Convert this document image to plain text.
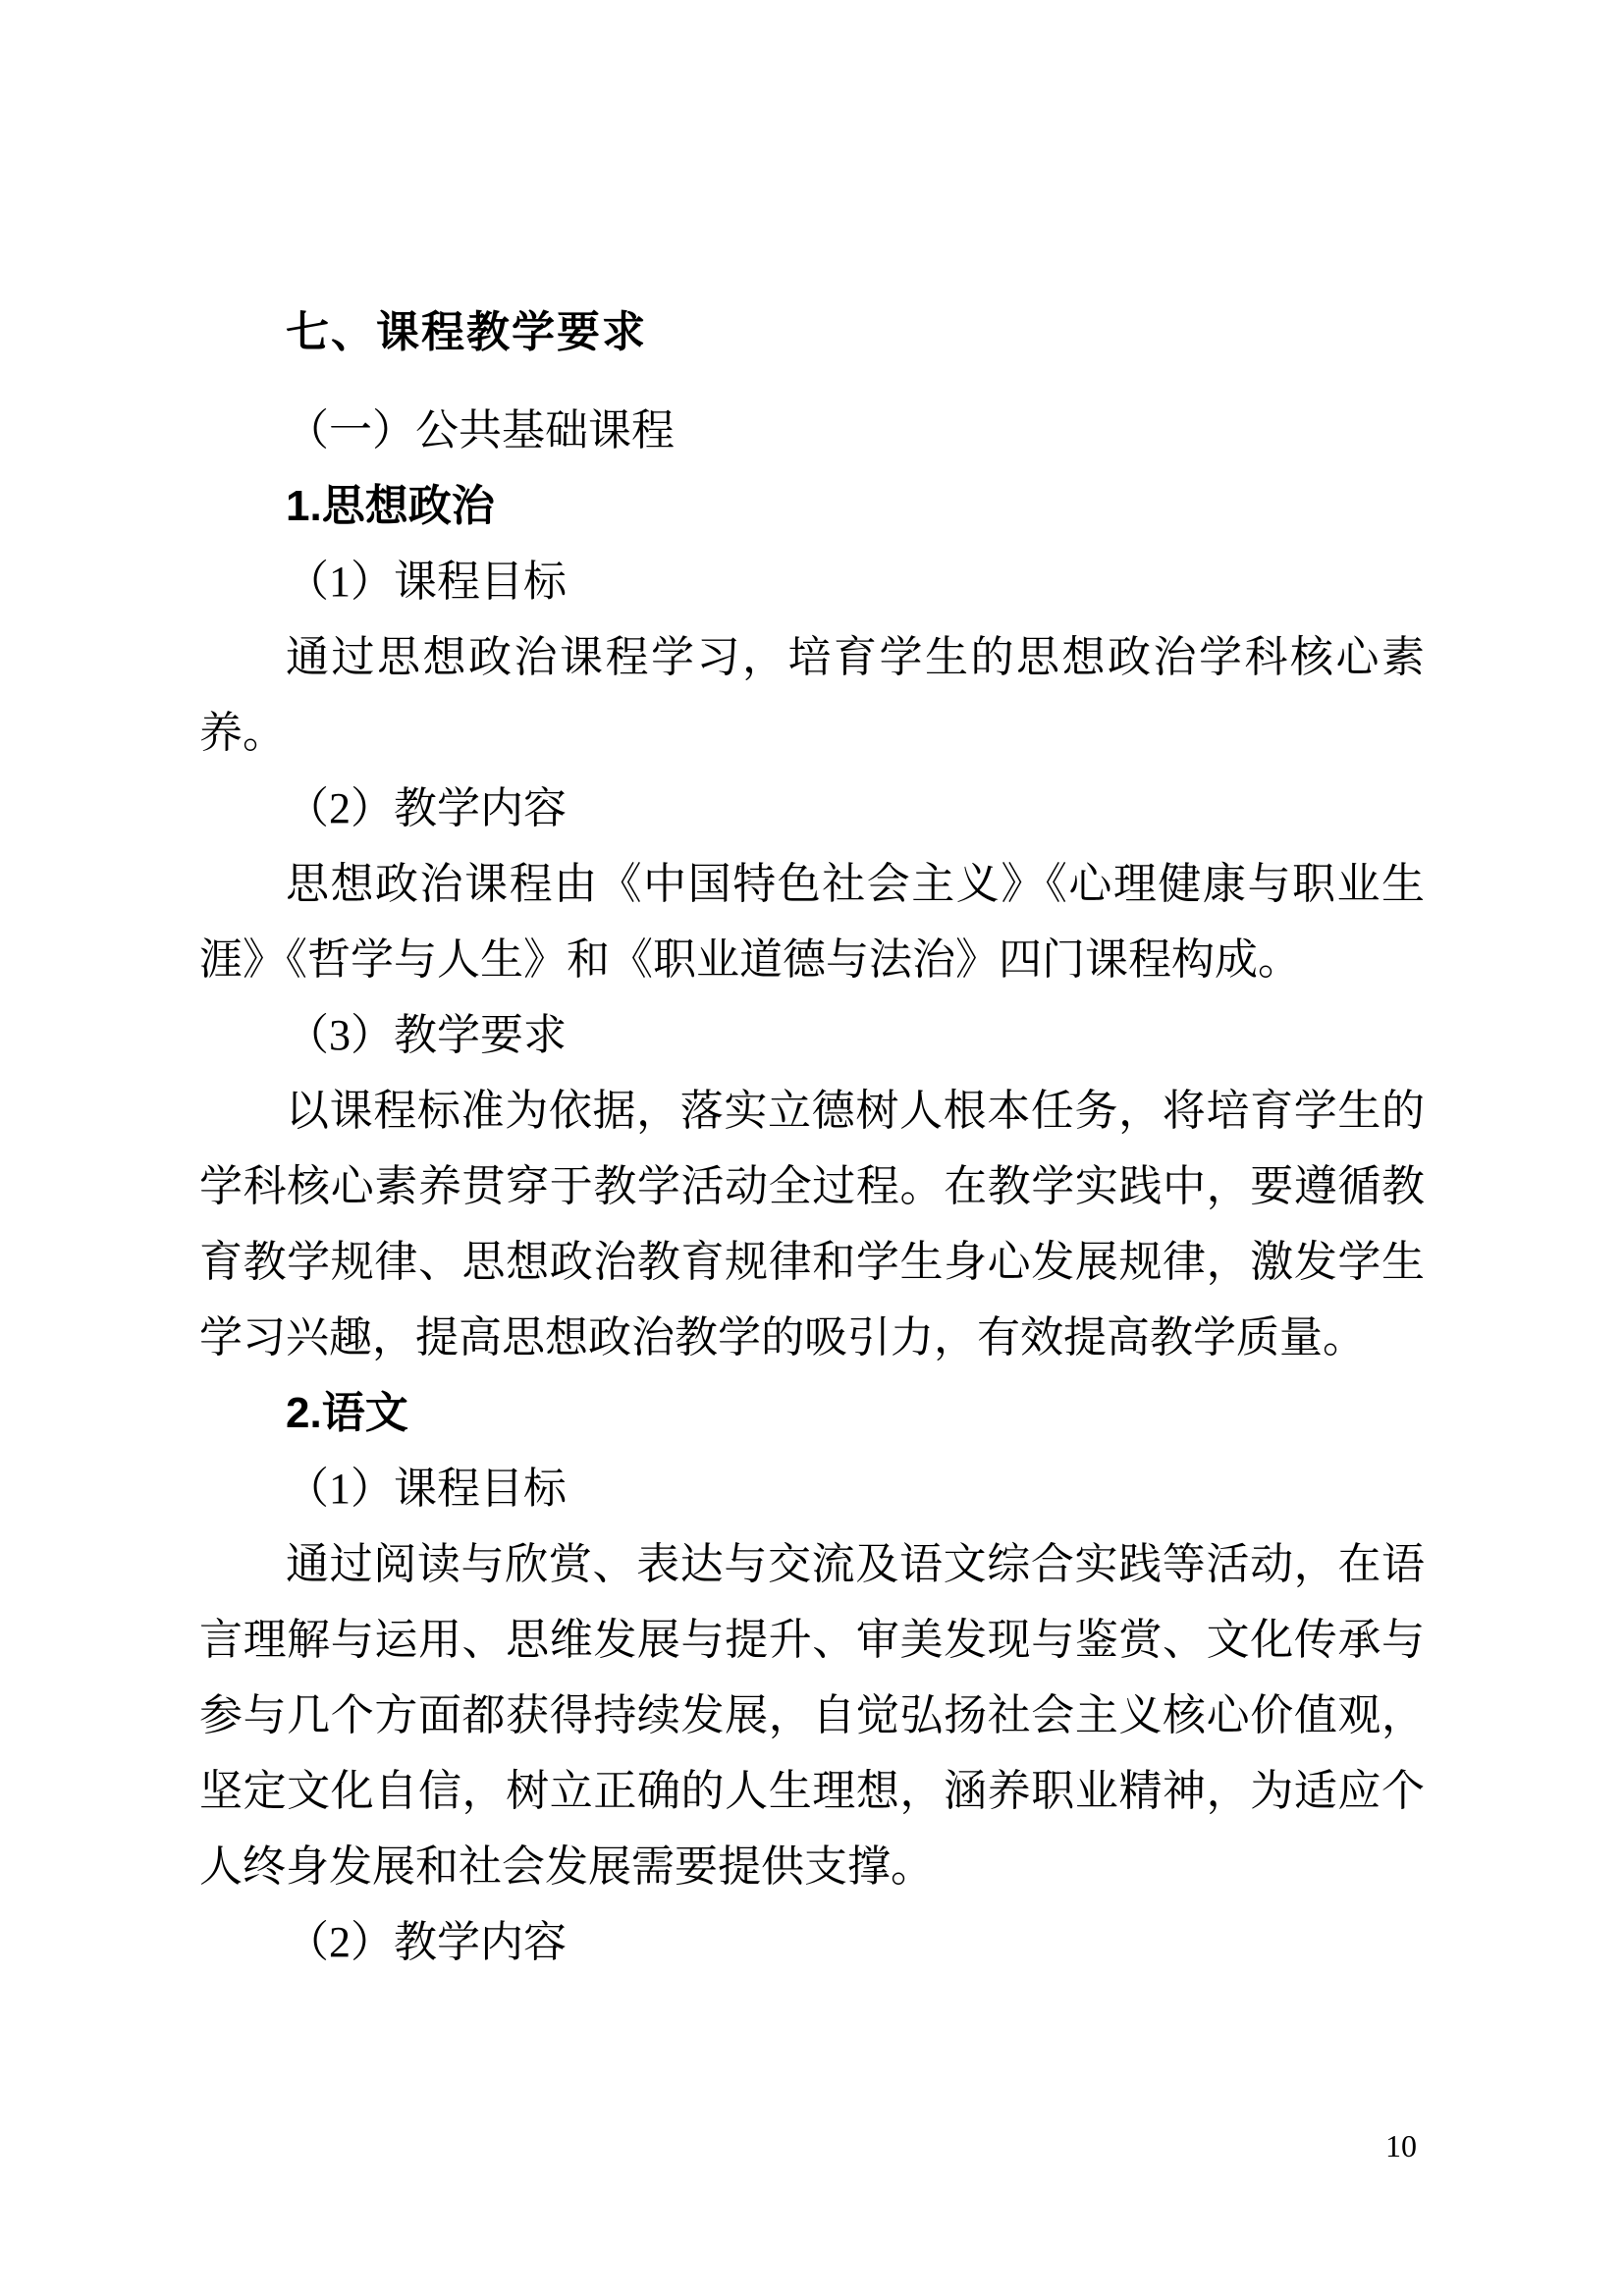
七、课程教学要求

（一）公共基础课程

1.思想政治

（1）课程目标

通过思想政治课程学习，培育学生的思想政治学科核心素养。

（2）教学内容

思想政治课程由《中国特色社会主义》《心理健康与职业生涯》《哲学与人生》和《职业道德与法治》四门课程构成。

（3）教学要求

以课程标准为依据，落实立德树人根本任务，将培育学生的学科核心素养贯穿于教学活动全过程。在教学实践中，要遵循教育教学规律、思想政治教育规律和学生身心发展规律，激发学生学习兴趣，提高思想政治教学的吸引力，有效提高教学质量。

2.语文

（1）课程目标

通过阅读与欣赏、表达与交流及语文综合实践等活动，在语言理解与运用、思维发展与提升、审美发现与鉴赏、文化传承与参与几个方面都获得持续发展，自觉弘扬社会主义核心价值观，坚定文化自信，树立正确的人生理想，涵养职业精神，为适应个人终身发展和社会发展需要提供支撑。

（2）教学内容

10
